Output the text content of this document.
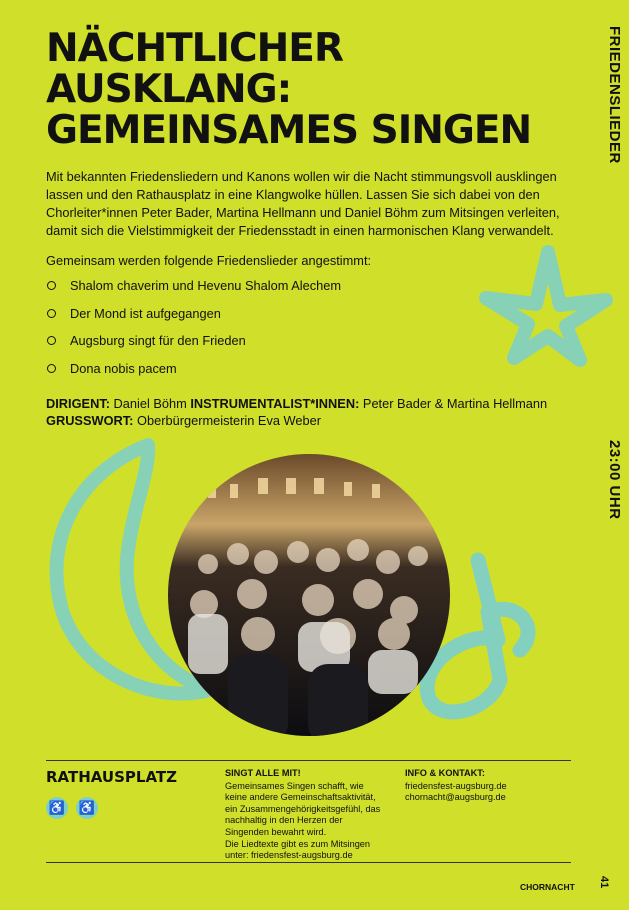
FRIEDENSLIEDER
23:00 UHR
NÄCHTLICHER
AUSKLANG:
GEMEINSAMES SINGEN

Mit bekannten Friedensliedern und Kanons wollen wir die Nacht stimmungsvoll ausklingen lassen und den Rathausplatz in eine Klangwolke hüllen. Lassen Sie sich dabei von den Chorleiter*innen Peter Bader, Martina Hellmann und Daniel Böhm zum Mitsingen verleiten, damit sich die Vielstimmigkeit der Friedensstadt in einen harmonischen Klang verwandelt.

Gemeinsam werden folgende Friedenslieder angestimmt:

Shalom chaverim und Hevenu Shalom Alechem
Der Mond ist aufgegangen
Augsburg singt für den Frieden
Dona nobis pacem
DIRIGENT: Daniel Böhm INSTRUMENTALIST*INNEN: Peter Bader & Martina Hellmann
GRUSSWORT: Oberbürgermeisterin Eva Weber
RATHAUSPLATZ
♿ ♿
SINGT ALLE MIT!

Gemeinsames Singen schafft, wie keine andere Gemeinschaftsaktivität, ein Zusammengehörigkeitsgefühl, das nachhaltig in den Herzen der Singenden bewahrt wird.

Die Liedtexte gibt es zum Mitsingen unter: friedensfest-augsburg.de

INFO & KONTAKT:

friedensfest-augsburg.de

chornacht@augsburg.de

CHORNACHT 41
